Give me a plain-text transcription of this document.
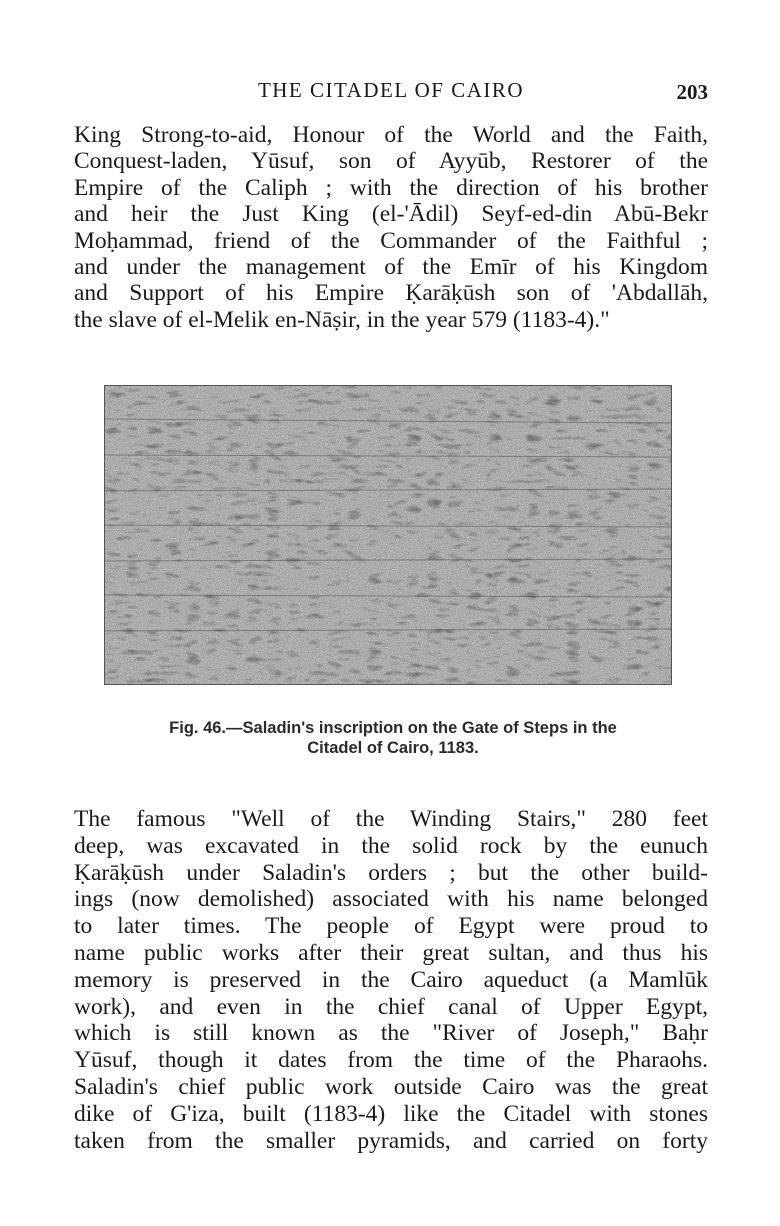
THE CITADEL OF CAIRO	203
King Strong-to-aid, Honour of the World and the Faith,
Conquest-laden, Yūsuf, son of Ayyūb, Restorer of the
Empire of the Caliph ; with the direction of his brother
and heir the Just King (el-'Ādil) Seyf-ed-din Abū-Bekr
Moḥammad, friend of the Commander of the Faithful ;
and under the management of the Emīr of his Kingdom
and Support of his Empire Ḳarāḳūsh son of 'Abdallāh,
the slave of el-Melik en-Nāṣir, in the year 579 (1183-4)."
Fig. 46.—Saladin's inscription on the Gate of Steps in the
Citadel of Cairo, 1183.
The famous "Well of the Winding Stairs," 280 feet
deep, was excavated in the solid rock by the eunuch
Ḳarāḳūsh under Saladin's orders ; but the other build-
ings (now demolished) associated with his name belonged
to later times. The people of Egypt were proud to
name public works after their great sultan, and thus his
memory is preserved in the Cairo aqueduct (a Mamlūk
work), and even in the chief canal of Upper Egypt,
which is still known as the "River of Joseph," Baḥr
Yūsuf, though it dates from the time of the Pharaohs.
Saladin's chief public work outside Cairo was the great
dike of G'iza, built (1183-4) like the Citadel with stones
taken from the smaller pyramids, and carried on forty
